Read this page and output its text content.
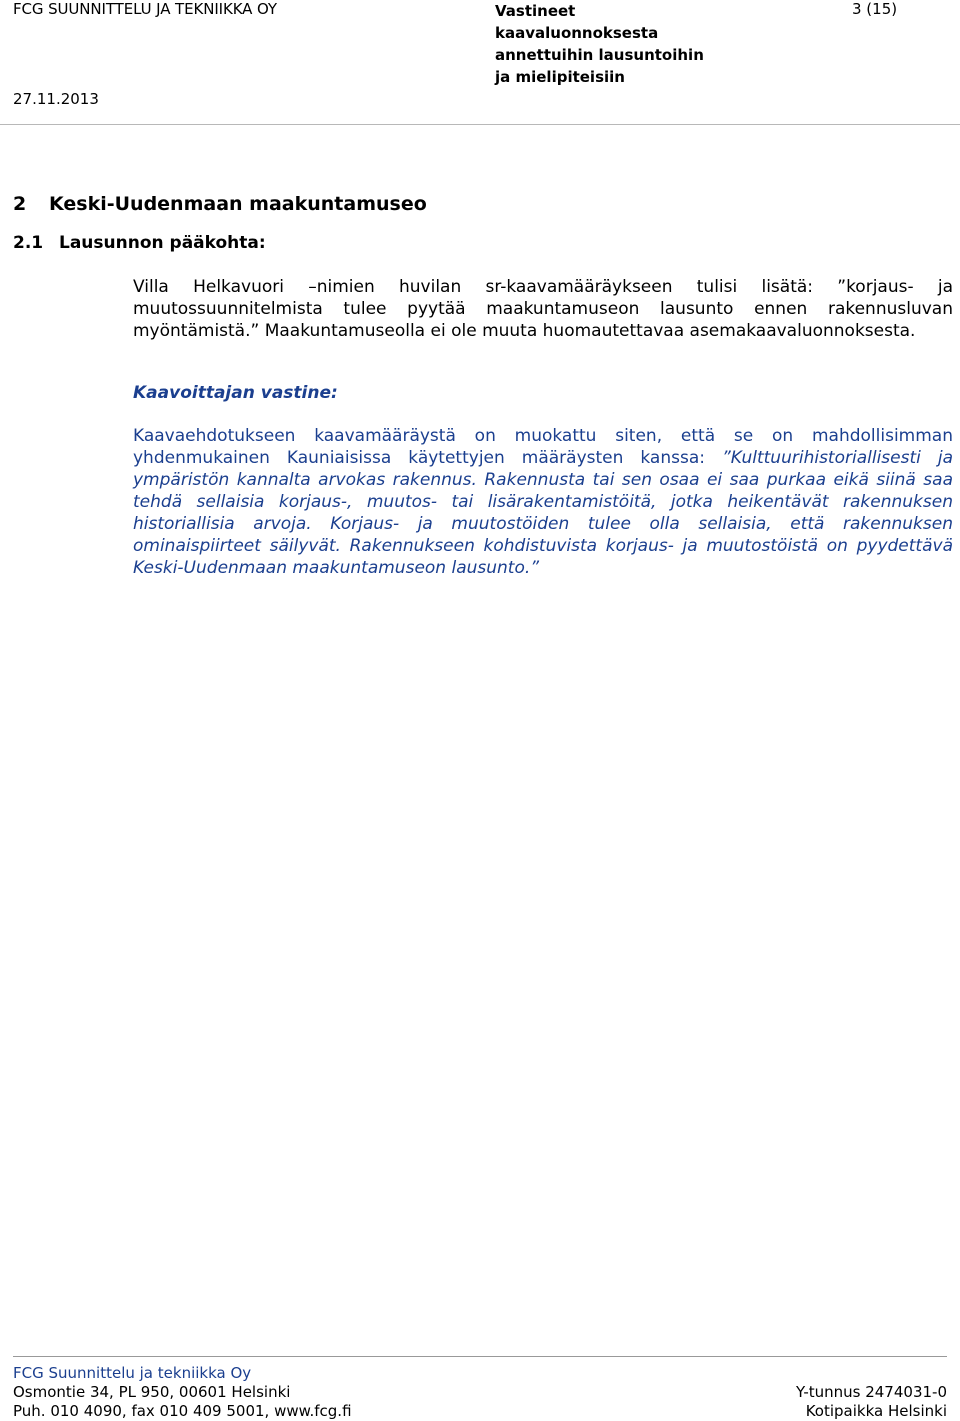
FCG SUUNNITTELU JA TEKNIIKKA OY	Vastineet
kaavaluonnoksesta
annettuihin lausuntoihin
ja mielipiteisiin
3 (15)
27.11.2013
2 Keski-Uudenmaan maakuntamuseo
2.1 Lausunnon pääkohta:
Villa Helkavuori –nimien huvilan sr-kaavamääräykseen tulisi lisätä: ”korjaus- ja muutossuunnitelmista tulee pyytää maakuntamuseon lausunto ennen rakennusluvan myöntämistä.” Maakuntamuseolla ei ole muuta huomautettavaa asemakaavaluonnoksesta.
Kaavoittajan vastine:
Kaavaehdotukseen kaavamääräystä on muokattu siten, että se on mahdollisimman yhdenmukainen Kauniaisissa käytettyjen määräysten kanssa: ”Kulttuurihistoriallisesti ja ympäristön kannalta arvokas rakennus. Rakennusta tai sen osaa ei saa purkaa eikä siinä saa tehdä sellaisia korjaus-, muutos- tai lisärakentamistöitä, jotka heikentävät rakennuksen historiallisia arvoja. Korjaus- ja muutostöiden tulee olla sellaisia, että rakennuksen ominaispiirteet säilyvät. Rakennukseen kohdistuvista korjaus- ja muutostöistä on pyydettävä Keski-Uudenmaan maakuntamuseon lausunto.”
FCG Suunnittelu ja tekniikka Oy
Osmontie 34, PL 950, 00601 Helsinki
Puh. 010 4090, fax 010 409 5001, www.fcg.fi
Y-tunnus 2474031-0
Kotipaikka Helsinki
